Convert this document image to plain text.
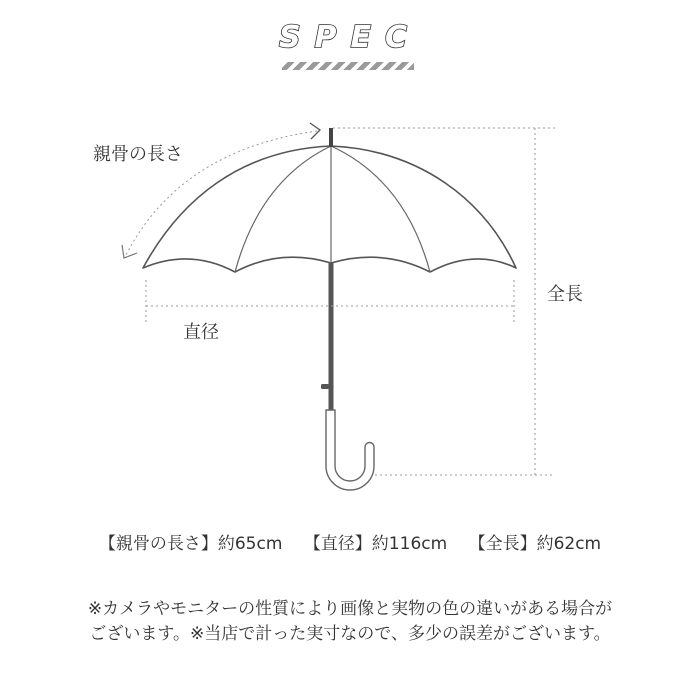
SPEC
親骨の長さ
直径
全長
【親骨の長さ】約65cm 【直径】約116cm 【全長】約62cm
※カメラやモニターの性質により画像と実物の色の違いがある場合が
ございます。※当店で計った実寸なので、多少の誤差がございます。
